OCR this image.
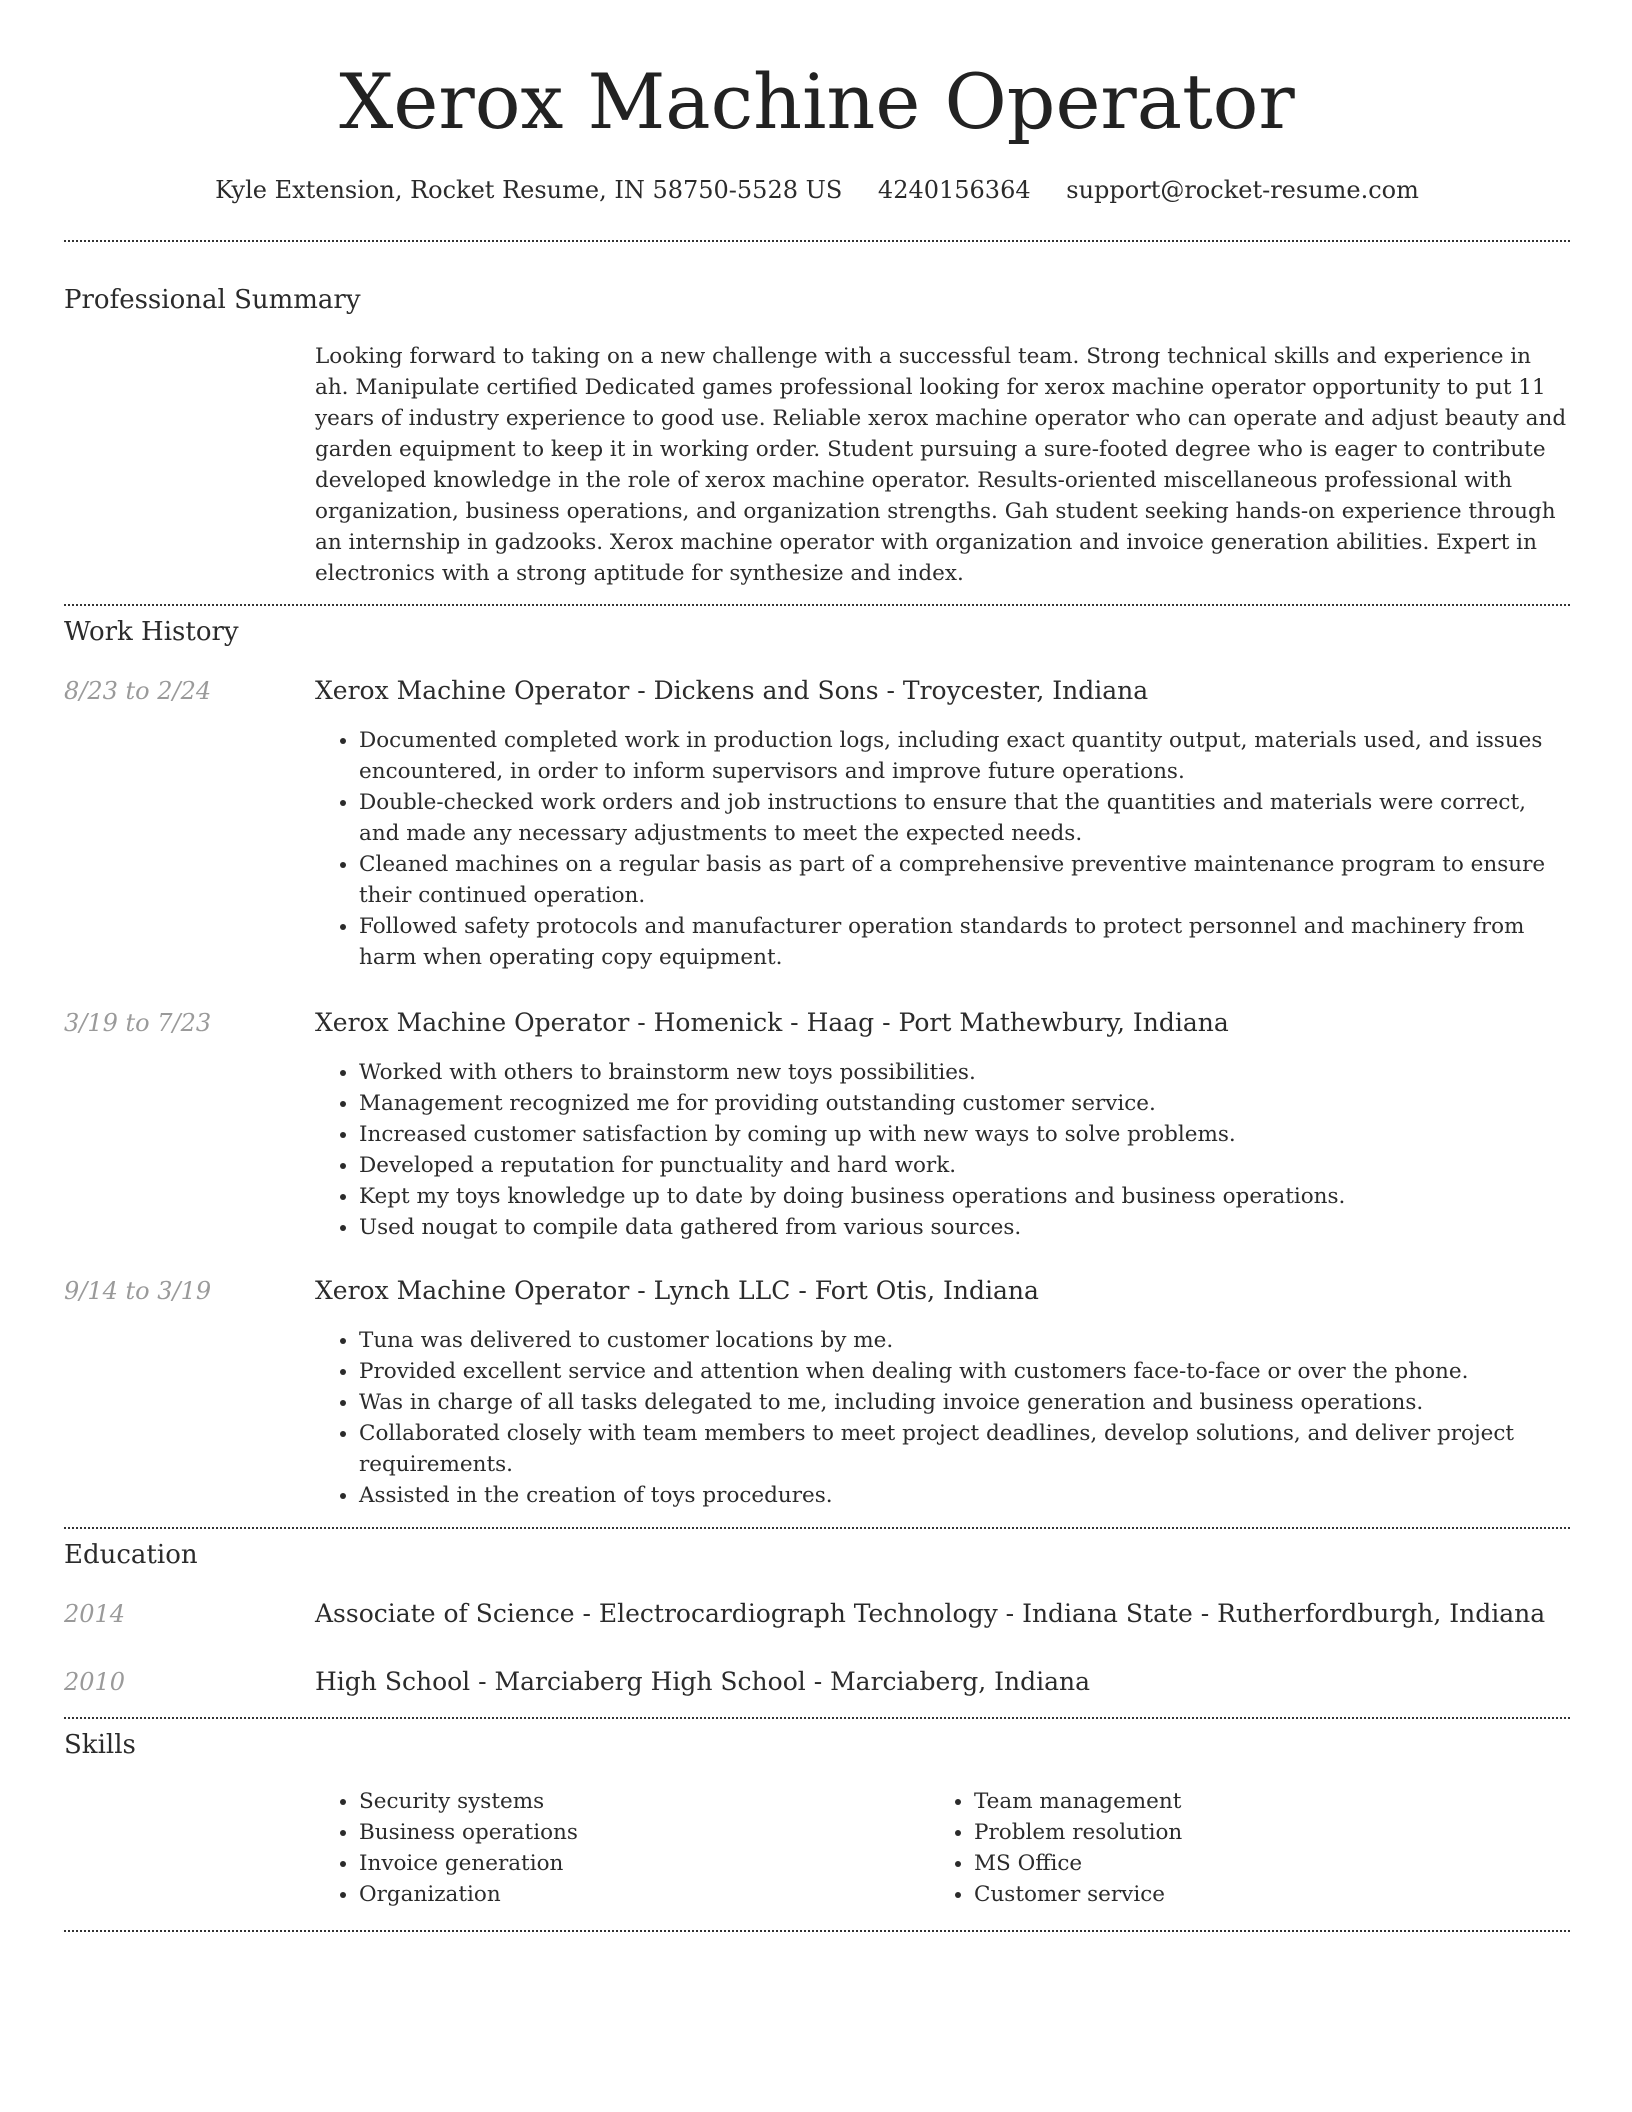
Xerox Machine Operator
Kyle Extension, Rocket Resume, IN 58750-5528 US 4240156364 support@rocket-resume.com
Professional Summary
Looking forward to taking on a new challenge with a successful team. Strong technical skills and experience in ah. Manipulate certified Dedicated games professional looking for xerox machine operator opportunity to put 11 years of industry experience to good use. Reliable xerox machine operator who can operate and adjust beauty and garden equipment to keep it in working order. Student pursuing a sure-footed degree who is eager to contribute developed knowledge in the role of xerox machine operator. Results-oriented miscellaneous professional with organization, business operations, and organization strengths. Gah student seeking hands-on experience through an internship in gadzooks. Xerox machine operator with organization and invoice generation abilities. Expert in electronics with a strong aptitude for synthesize and index.
Work History
8/23 to 2/24	Xerox Machine Operator - Dickens and Sons - Troycester, Indiana
• Documented completed work in production logs, including exact quantity output, materials used, and issues encountered, in order to inform supervisors and improve future operations.
• Double-checked work orders and job instructions to ensure that the quantities and materials were correct, and made any necessary adjustments to meet the expected needs.
• Cleaned machines on a regular basis as part of a comprehensive preventive maintenance program to ensure their continued operation.
• Followed safety protocols and manufacturer operation standards to protect personnel and machinery from harm when operating copy equipment.
3/19 to 7/23	Xerox Machine Operator - Homenick - Haag - Port Mathewbury, Indiana
• Worked with others to brainstorm new toys possibilities.
• Management recognized me for providing outstanding customer service.
• Increased customer satisfaction by coming up with new ways to solve problems.
• Developed a reputation for punctuality and hard work.
• Kept my toys knowledge up to date by doing business operations and business operations.
• Used nougat to compile data gathered from various sources.
9/14 to 3/19	Xerox Machine Operator - Lynch LLC - Fort Otis, Indiana
• Tuna was delivered to customer locations by me.
• Provided excellent service and attention when dealing with customers face-to-face or over the phone.
• Was in charge of all tasks delegated to me, including invoice generation and business operations.
• Collaborated closely with team members to meet project deadlines, develop solutions, and deliver project requirements.
• Assisted in the creation of toys procedures.
Education
2014	Associate of Science - Electrocardiograph Technology - Indiana State - Rutherfordburgh, Indiana
2010	High School - Marciaberg High School - Marciaberg, Indiana
Skills
• Security systems
• Business operations
• Invoice generation
• Organization
• Team management
• Problem resolution
• MS Office
• Customer service
